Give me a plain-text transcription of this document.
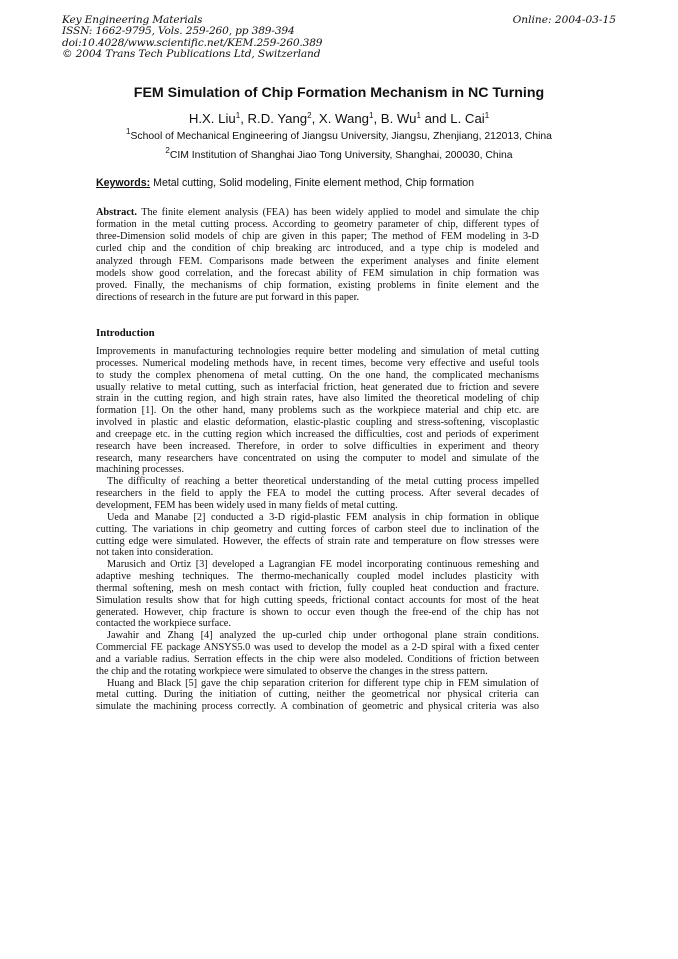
Key Engineering Materials
ISSN: 1662-9795, Vols. 259-260, pp 389-394
doi:10.4028/www.scientific.net/KEM.259-260.389
© 2004 Trans Tech Publications Ltd, Switzerland
Online: 2004-03-15
FEM Simulation of Chip Formation Mechanism in NC Turning
H.X. Liu$^1$, R.D. Yang$^2$, X. Wang$^1$, B. Wu$^1$ and L. Cai$^1$
$^1$School of Mechanical Engineering of Jiangsu University, Jiangsu, Zhenjiang, 212013, China
$^2$CIM Institution of Shanghai Jiao Tong University, Shanghai, 200030, China
Keywords: Metal cutting, Solid modeling, Finite element method, Chip formation
Abstract. The finite element analysis (FEA) has been widely applied to model and simulate the chip
formation in the metal cutting process. According to geometry parameter of chip, different types of
three-Dimension solid models of chip are given in this paper; The method of FEM modeling in 3-D
curled chip and the condition of chip breaking arc introduced, and a type chip is modeled and
analyzed through FEM. Comparisons made between the experiment analyses and finite element
models show good correlation, and the forecast ability of FEM simulation in chip formation was
proved. Finally, the mechanisms of chip formation, existing problems in finite element and the
directions of research in the future are put forward in this paper.
Introduction
Improvements in manufacturing technologies require better modeling and simulation of metal cutting
processes. Numerical modeling methods have, in recent times, become very effective and useful tools
to study the complex phenomena of metal cutting. On the one hand, the complicated mechanisms
usually relative to metal cutting, such as interfacial friction, heat generated due to friction and severe
strain in the cutting region, and high strain rates, have also limited the theoretical modeling of chip
formation [1]. On the other hand, many problems such as the workpiece material and chip etc. are
involved in plastic and elastic deformation, elastic-plastic coupling and stress-softening, viscoplastic
and creepage etc. in the cutting region which increased the difficulties, cost and periods of experiment
research have been increased. Therefore, in order to solve difficulties in experiment and theory
research, many researchers have concentrated on using the computer to model and simulate of the
machining processes.
The difficulty of reaching a better theoretical understanding of the metal cutting process impelled
researchers in the field to apply the FEA to model the cutting process. After several decades of
development, FEM has been widely used in many fields of metal cutting.
Ueda and Manabe [2] conducted a 3-D rigid-plastic FEM analysis in chip formation in oblique
cutting. The variations in chip geometry and cutting forces of carbon steel due to inclination of the
cutting edge were simulated. However, the effects of strain rate and temperature on flow stresses were
not taken into consideration.
Marusich and Ortiz [3] developed a Lagrangian FE model incorporating continuous remeshing and
adaptive meshing techniques. The thermo-mechanically coupled model includes plasticity with
thermal softening, mesh on mesh contact with friction, fully coupled heat conduction and fracture.
Simulation results show that for high cutting speeds, frictional contact accounts for most of the heat
generated. However, chip fracture is shown to occur even though the free-end of the chip has not
contacted the workpiece surface.
Jawahir and Zhang [4] analyzed the up-curled chip under orthogonal plane strain conditions.
Commercial FE package ANSYS5.0 was used to develop the model as a 2-D spiral with a fixed center
and a variable radius. Serration effects in the chip were also modeled. Conditions of friction between
the chip and the rotating workpiece were simulated to observe the changes in the stress pattern.
Huang and Black [5] gave the chip separation criterion for different type chip in FEM simulation of
metal cutting. During the initiation of cutting, neither the geometrical nor physical criteria can
simulate the machining process correctly. A combination of geometric and physical criteria was also
